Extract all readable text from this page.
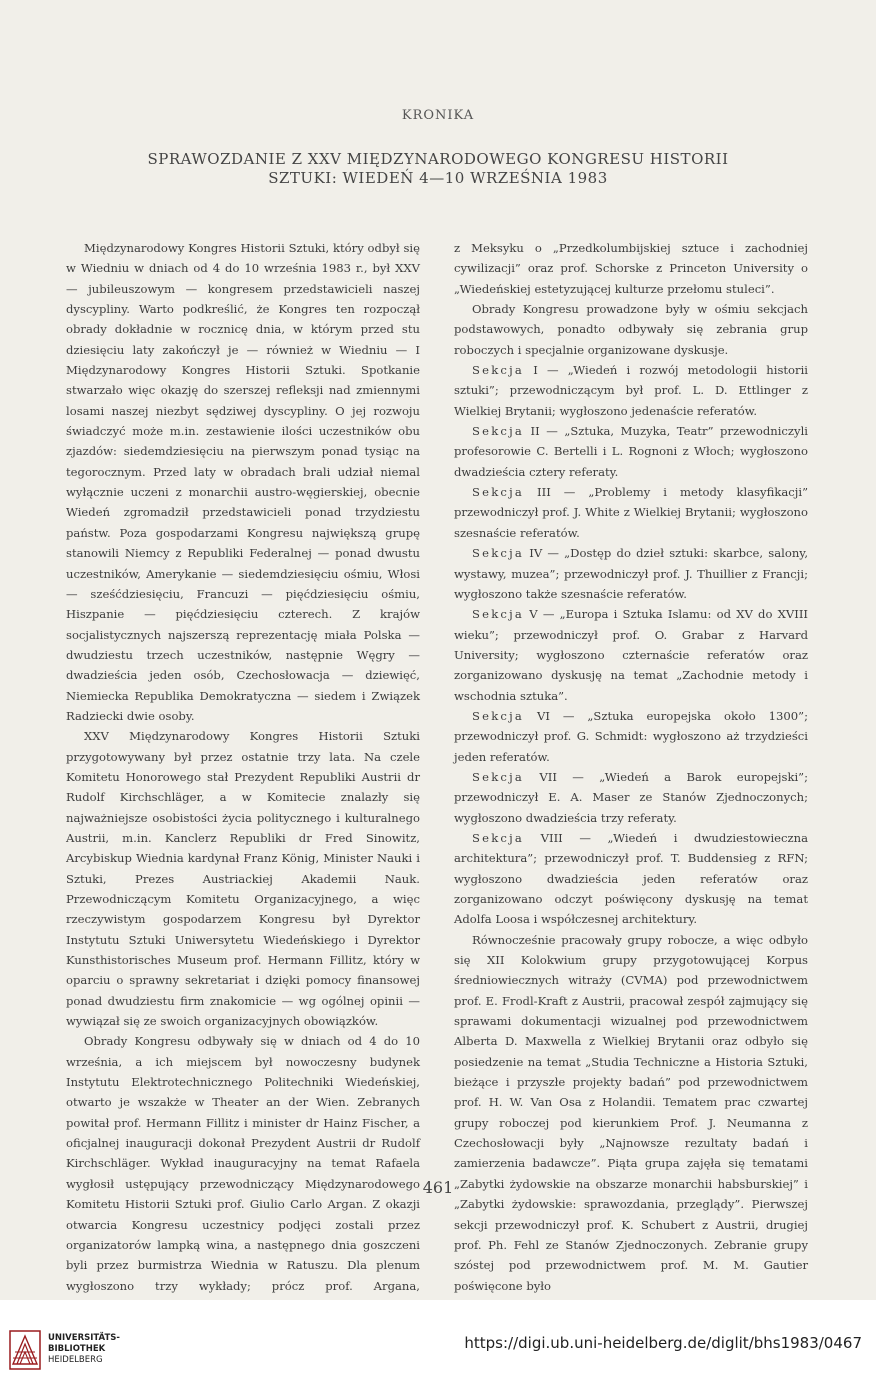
KRONIKA
SPRAWOZDANIE Z XXV MIĘDZYNARODOWEGO KONGRESU HISTORII
SZTUKI: WIEDEŃ 4—10 WRZEŚNIA 1983

Międzynarodowy Kongres Historii Sztuki, który odbył się w Wiedniu w dniach od 4 do 10 września 1983 r., był XXV — jubileuszowym — kongresem przedstawicieli naszej dyscypliny. Warto podkreślić, że Kongres ten rozpoczął obrady dokładnie w rocznicę dnia, w którym przed stu dziesięciu laty zakończył je — również w Wiedniu — I Międzynarodowy Kongres Historii Sztuki. Spotkanie stwarzało więc okazję do szerszej refleksji nad zmiennymi losami naszej niezbyt sędziwej dyscypliny. O jej rozwoju świadczyć może m.in. zestawienie ilości uczestników obu zjazdów: siedemdziesięciu na pierwszym ponad tysiąc na tegorocznym. Przed laty w obradach brali udział niemal wyłącznie uczeni z monarchii austro-węgierskiej, obecnie Wiedeń zgromadził przedstawicieli ponad trzydziestu państw. Poza gospodarzami Kongresu największą grupę stanowili Niemcy z Republiki Federalnej — ponad dwustu uczestników, Amerykanie — siedemdziesięciu ośmiu, Włosi — sześćdziesięciu, Francuzi — pięćdziesięciu ośmiu, Hiszpanie — pięćdziesięciu czterech. Z krajów socjalistycznych najszerszą reprezentację miała Polska — dwudziestu trzech uczestników, następnie Węgry — dwadzieścia jeden osób, Czechosłowacja — dziewięć, Niemiecka Republika Demokratyczna — siedem i Związek Radziecki dwie osoby.

XXV Międzynarodowy Kongres Historii Sztuki przygotowywany był przez ostatnie trzy lata. Na czele Komitetu Honorowego stał Prezydent Republiki Austrii dr Rudolf Kirchschläger, a w Komitecie znalazły się najważniejsze osobistości życia politycznego i kulturalnego Austrii, m.in. Kanclerz Republiki dr Fred Sinowitz, Arcybiskup Wiednia kardynał Franz König, Minister Nauki i Sztuki, Prezes Austriackiej Akademii Nauk. Przewodniczącym Komitetu Organizacyjnego, a więc rzeczywistym gospodarzem Kongresu był Dyrektor Instytutu Sztuki Uniwersytetu Wiedeńskiego i Dyrektor Kunsthistorisches Museum prof. Hermann Fillitz, który w oparciu o sprawny sekretariat i dzięki pomocy finansowej ponad dwudziestu firm znakomicie — wg ogólnej opinii — wywiązał się ze swoich organizacyjnych obowiązków.

Obrady Kongresu odbywały się w dniach od 4 do 10 września, a ich miejscem był nowoczesny budynek Instytutu Elektrotechnicznego Politechniki Wiedeńskiej, otwarto je wszakże w Theater an der Wien. Zebranych powitał prof. Hermann Fillitz i minister dr Hainz Fischer, a oficjalnej inauguracji dokonał Prezydent Austrii dr Rudolf Kirchschläger. Wykład inauguracyjny na temat Rafaela wygłosił ustępujący przewodniczący Międzynarodowego Komitetu Historii Sztuki prof. Giulio Carlo Argan. Z okazji otwarcia Kongresu uczestnicy podjęci zostali przez organizatorów lampką wina, a następnego dnia goszczeni byli przez burmistrza Wiednia w Ratuszu. Dla plenum wygłoszono trzy wykłady; prócz prof. Argana,

z Meksyku o „Przedkolumbijskiej sztuce i zachodniej cywilizacji” oraz prof. Schorske z Princeton University o „Wiedeńskiej estetyzującej kulturze przełomu stuleci”.

Obrady Kongresu prowadzone były w ośmiu sekcjach podstawowych, ponadto odbywały się zebrania grup roboczych i specjalnie organizowane dyskusje.

Sekcja I — „Wiedeń i rozwój metodologii historii sztuki”; przewodniczącym był prof. L. D. Ettlinger z Wielkiej Brytanii; wygłoszono jedenaście referatów.

Sekcja II — „Sztuka, Muzyka, Teatr” przewodniczyli profesorowie C. Bertelli i L. Rognoni z Włoch; wygłoszono dwadzieścia cztery referaty.

Sekcja III — „Problemy i metody klasyfikacji” przewodniczył prof. J. White z Wielkiej Brytanii; wygłoszono szesnaście referatów.

Sekcja IV — „Dostęp do dzieł sztuki: skarbce, salony, wystawy, muzea”; przewodniczył prof. J. Thuillier z Francji; wygłoszono także szesnaście referatów.

Sekcja V — „Europa i Sztuka Islamu: od XV do XVIII wieku”; przewodniczył prof. O. Grabar z Harvard University; wygłoszono czternaście referatów oraz zorganizowano dyskusję na temat „Zachodnie metody i wschodnia sztuka”.

Sekcja VI — „Sztuka europejska około 1300”; przewodniczył prof. G. Schmidt: wygłoszono aż trzydzieści jeden referatów.

Sekcja VII — „Wiedeń a Barok europejski”; przewodniczył E. A. Maser ze Stanów Zjednoczonych; wygłoszono dwadzieścia trzy referaty.

Sekcja VIII — „Wiedeń i dwudziestowieczna architektura”; przewodniczył prof. T. Buddensieg z RFN; wygłoszono dwadzieścia jeden referatów oraz zorganizowano odczyt poświęcony dyskusję na temat Adolfa Loosa i współczesnej architektury.

Równocześnie pracowały grupy robocze, a więc odbyło się XII Kolokwium grupy przygotowującej Korpus średniowiecznych witraży (CVMA) pod przewodnictwem prof. E. Frodl-Kraft z Austrii, pracował zespół zajmujący się sprawami dokumentacji wizualnej pod przewodnictwem Alberta D. Maxwella z Wielkiej Brytanii oraz odbyło się posiedzenie na temat „Studia Techniczne a Historia Sztuki, bieżące i przyszłe projekty badań” pod przewodnictwem prof. H. W. Van Osa z Holandii. Tematem prac czwartej grupy roboczej pod kierunkiem Prof. J. Neumanna z Czechosłowacji były „Najnowsze rezultaty badań i zamierzenia badawcze”. Piąta grupa zajęła się tematami „Zabytki żydowskie na obszarze monarchii habsburskiej” i „Zabytki żydowskie: sprawozdania, przeglądy”. Pierwszej sekcji przewodniczył prof. K. Schubert z Austrii, drugiej prof. Ph. Fehl ze Stanów Zjednoczonych. Zebranie grupy szóstej pod przewodnictwem prof. M. M. Gautier poświęcone było

461
UNIVERSITÄTS-
BIBLIOTHEK
HEIDELBERG
https://digi.ub.uni-heidelberg.de/diglit/bhs1983/0467
